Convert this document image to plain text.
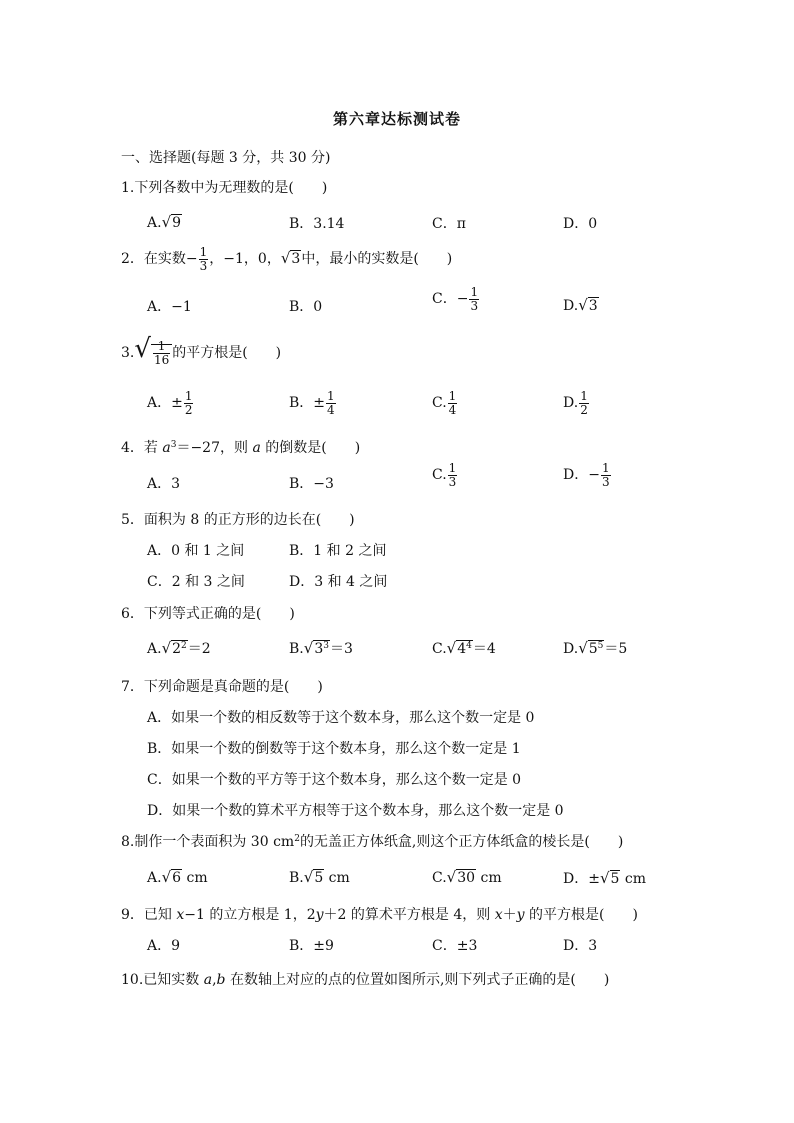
第六章达标测试卷
一、选择题(每题 3 分，共 30 分)
1.下列各数中为无理数的是(　　)
A.√9	B．3.14	C．π	D．0
2．在实数− $\frac{1}{3}$ ，−1，0，√3中，最小的实数是(　　)
A．−1	B．0	C．− $\frac{1}{3}$	D.√3
$3.√ \frac{1}{16}$ 的平方根是(　　)
A．± $\frac{1}{2}$	B．± $\frac{1}{4}$	C. $\frac{1}{4}$	D. $\frac{1}{2}$
4．若 $a^3=-27$，则 a 的倒数是(　　)
A．3	B．−3
C. $\frac{1}{3}$	D．− $\frac{1}{3}$
5．面积为 8 的正方形的边长在(　　)
A．0 和 1 之间	B．1 和 2 之间
C．2 和 3 之间	D．3 和 4 之间
6．下列等式正确的是(　　)
$A.√2^2=2$	$B.√3^3=3$	$C.√4^4=4$	$D.√5^5=5$
7．下列命题是真命题的是(　　)
A．如果一个数的相反数等于这个数本身，那么这个数一定是 0
B．如果一个数的倒数等于这个数本身，那么这个数一定是 1
C．如果一个数的平方等于这个数本身，那么这个数一定是 0
D．如果一个数的算术平方根等于这个数本身，那么这个数一定是 0
8.制作一个表面积为 30 $cm^2$的无盖正方体纸盒,则这个正方体纸盒的棱长是(　　)
A.√6 cm	B.√5 cm	C.√30 cm	D．±√5 cm
9．已知 x−1 的立方根是 1，2y＋2 的算术平方根是 4，则 x＋y 的平方根是(　　)
A．9	B．±9	C．±3	D．3
10.已知实数 a,b 在数轴上对应的点的位置如图所示,则下列式子正确的是(　　)
